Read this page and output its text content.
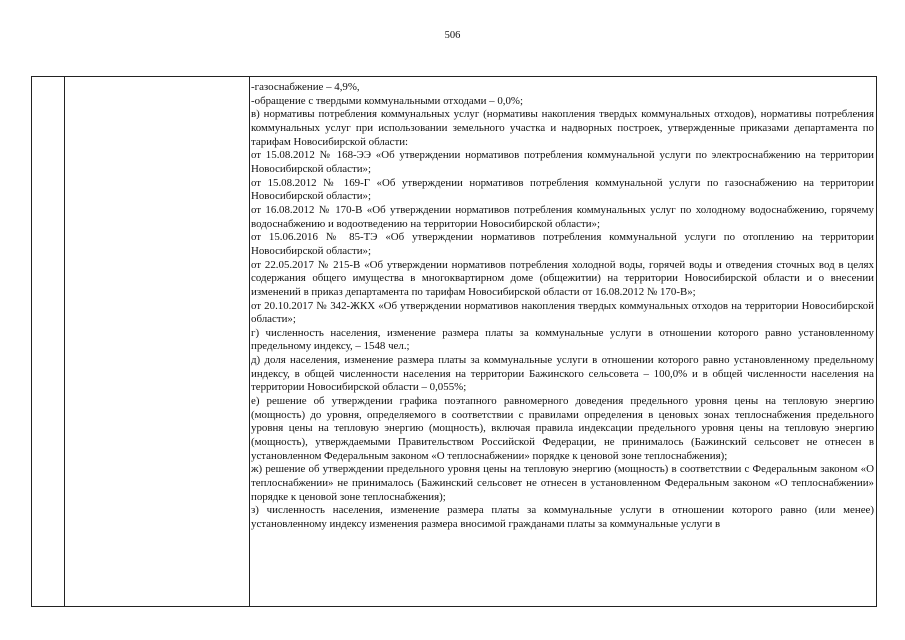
506

-газоснабжение – 4,9%,

-обращение с твердыми коммунальными отходами – 0,0%;

в) нормативы потребления коммунальных услуг (нормативы накопления твердых коммунальных отходов), нормативы потребления коммунальных услуг при использовании земельного участка и надворных построек, утвержденные приказами департамента по тарифам Новосибирской области:

от 15.08.2012 № 168-ЭЭ «Об утверждении нормативов потребления коммунальной услуги по электроснабжению на территории Новосибирской области»;

от 15.08.2012 № 169-Г «Об утверждении нормативов потребления коммунальной услуги по газоснабжению на территории Новосибирской области»;

от 16.08.2012 № 170-В «Об утверждении нормативов потребления коммунальных услуг по холодному водоснабжению, горячему водоснабжению и водоотведению на территории Новосибирской области»;

от 15.06.2016 № 85-ТЭ «Об утверждении нормативов потребления коммунальной услуги по отоплению на территории Новосибирской области»;

от 22.05.2017 № 215-В «Об утверждении нормативов потребления холодной воды, горячей воды и отведения сточных вод в целях содержания общего имущества в многоквартирном доме (общежитии) на территории Новосибирской области и о внесении изменений в приказ департамента по тарифам Новосибирской области от 16.08.2012 № 170-В»;

от 20.10.2017 № 342-ЖКХ «Об утверждении нормативов накопления твердых коммунальных отходов на территории Новосибирской области»;

г) численность населения, изменение размера платы за коммунальные услуги в отношении которого равно установленному предельному индексу, – 1548 чел.;

д) доля населения, изменение размера платы за коммунальные услуги в отношении которого равно установленному предельному индексу, в общей численности населения на территории Бажинского сельсовета – 100,0% и в общей численности населения на территории Новосибирской области – 0,055%;

е) решение об утверждении графика поэтапного равномерного доведения предельного уровня цены на тепловую энергию (мощность) до уровня, определяемого в соответствии с правилами определения в ценовых зонах теплоснабжения предельного уровня цены на тепловую энергию (мощность), включая правила индексации предельного уровня цены на тепловую энергию (мощность), утверждаемыми Правительством Российской Федерации, не принималось (Бажинский сельсовет не отнесен в установленном Федеральным законом «О теплоснабжении» порядке к ценовой зоне теплоснабжения);

ж) решение об утверждении предельного уровня цены на тепловую энергию (мощность) в соответствии с Федеральным законом «О теплоснабжении» не принималось (Бажинский сельсовет не отнесен в установленном Федеральным законом «О теплоснабжении» порядке к ценовой зоне теплоснабжения);

з) численность населения, изменение размера платы за коммунальные услуги в отношении которого равно (или менее) установленному индексу изменения размера вносимой гражданами платы за коммунальные услуги в
